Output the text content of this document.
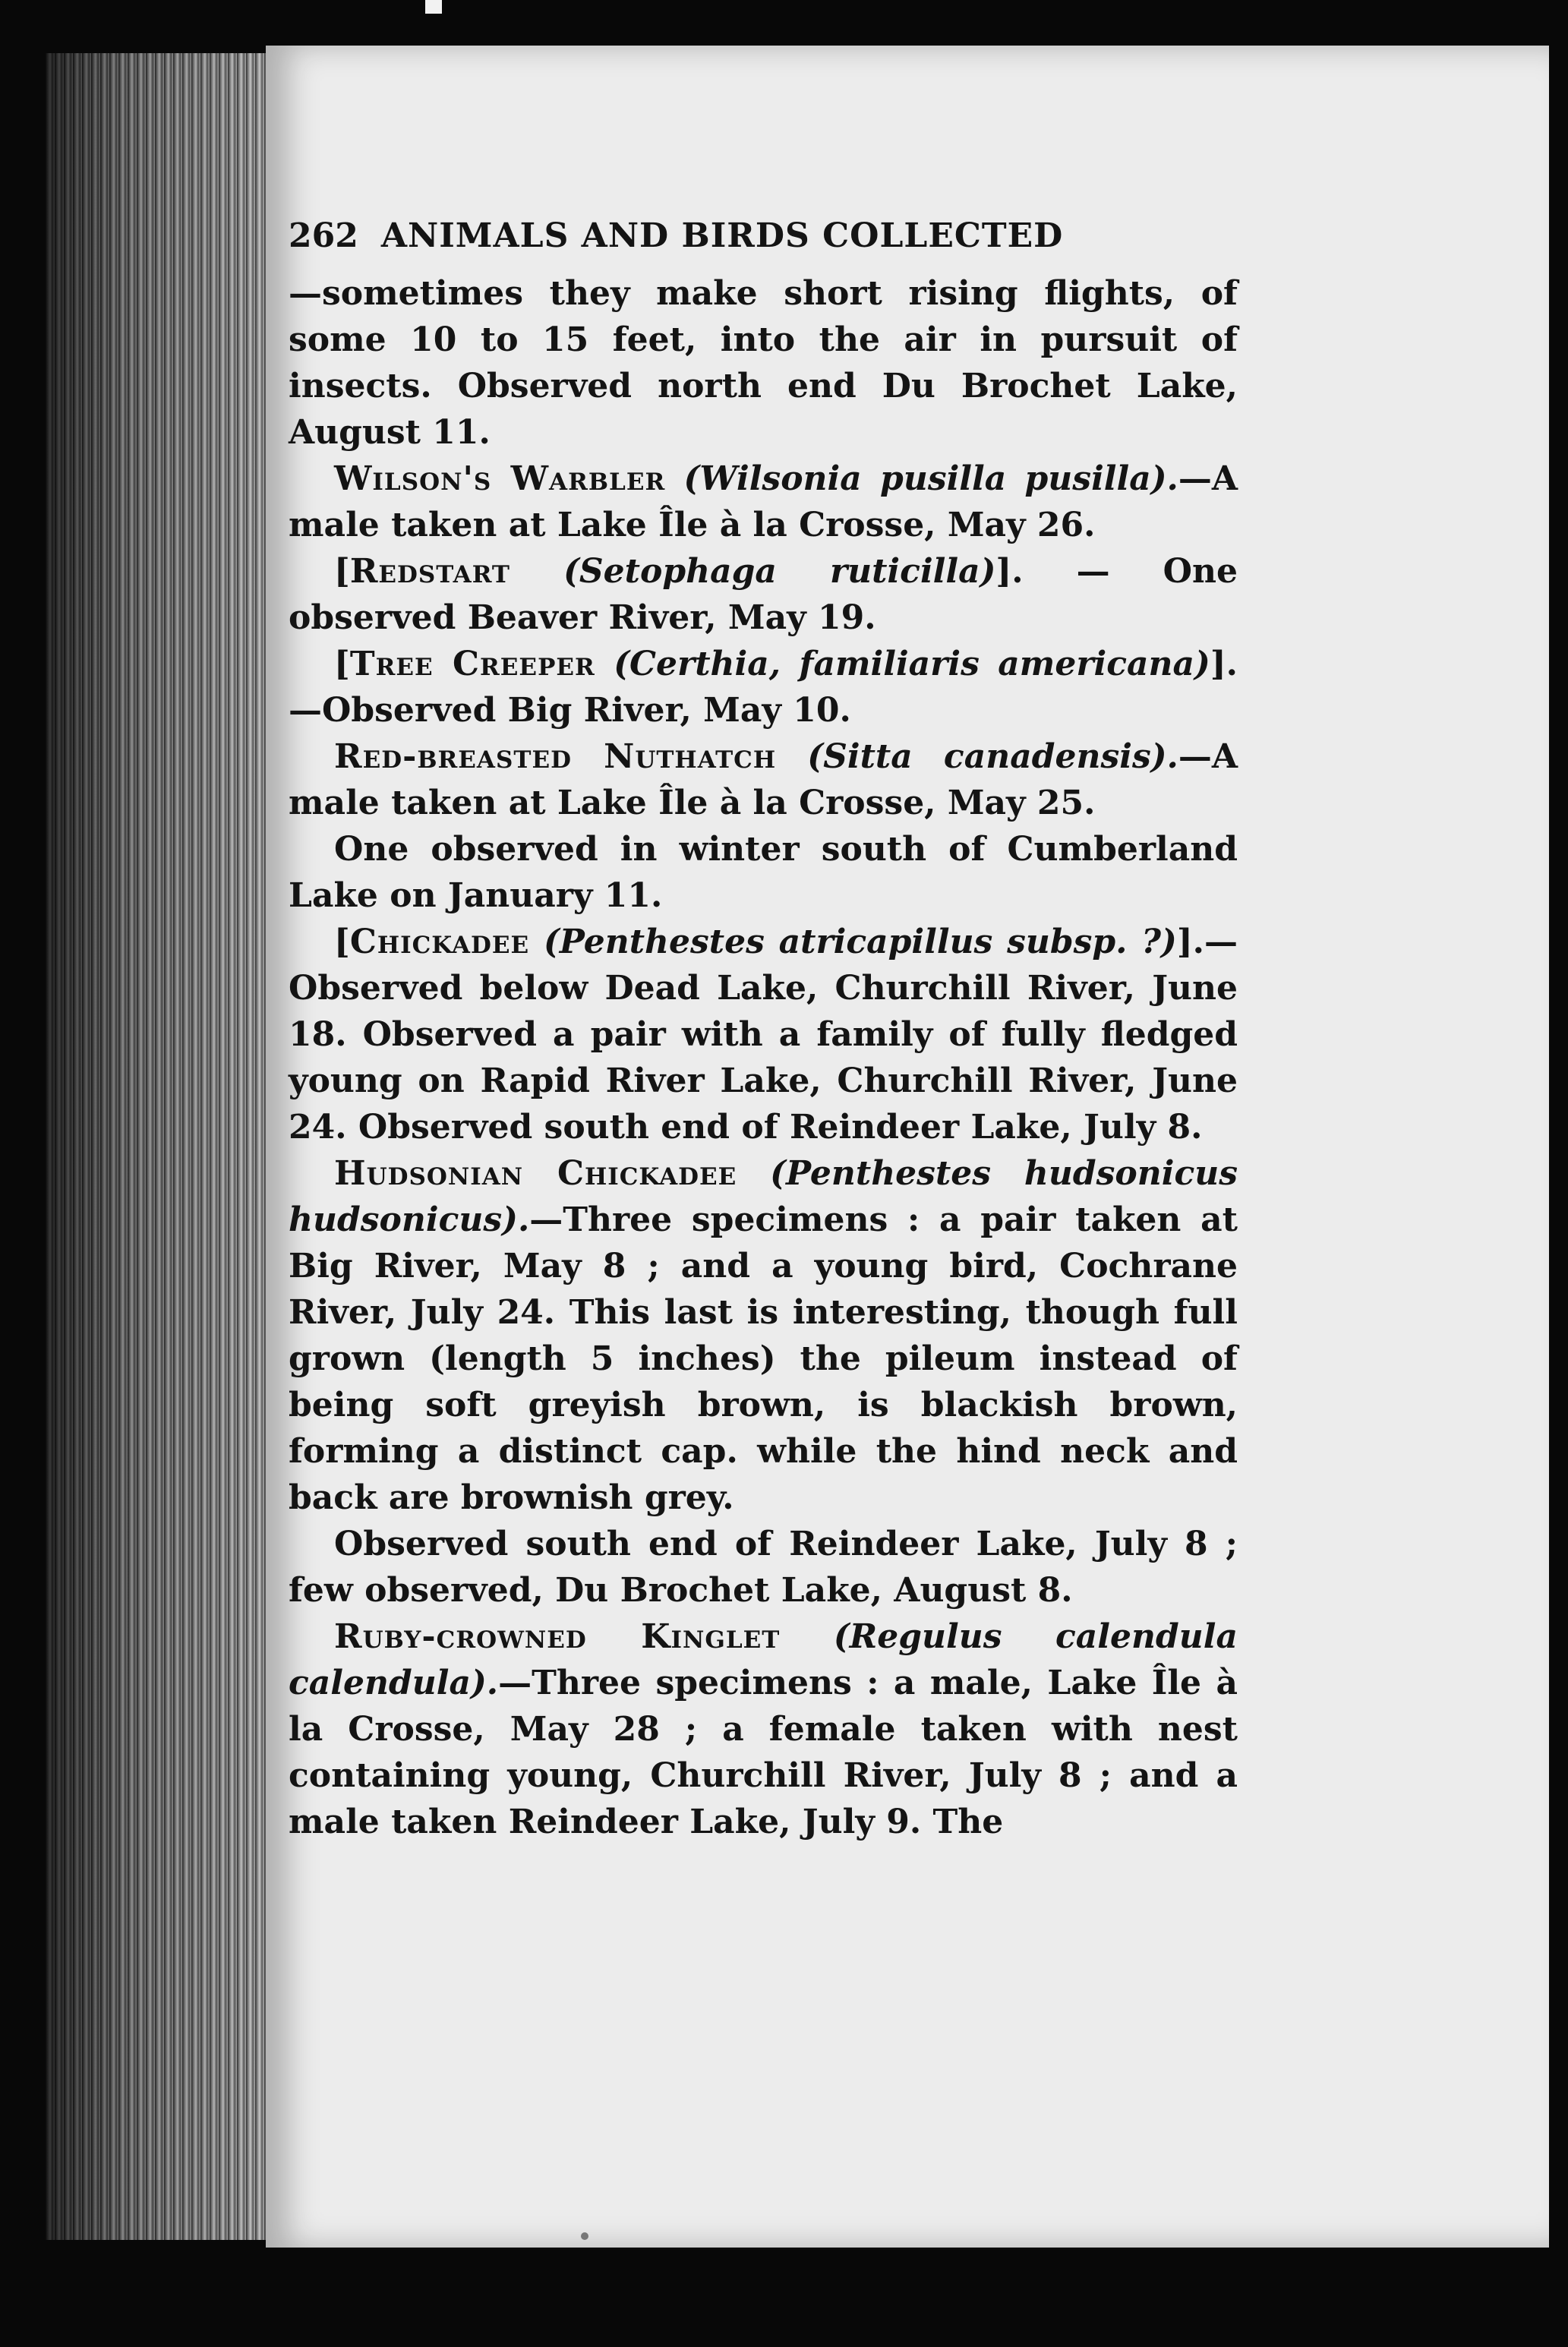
262 ANIMALS AND BIRDS COLLECTED

—sometimes they make short rising flights, of some 10 to 15 feet, into the air in pursuit of insects. Observed north end Du Brochet Lake, August 11.

Wilson's Warbler (Wilsonia pusilla pusilla).—A male taken at Lake Île à la Crosse, May 26.

[Redstart (Setophaga ruticilla)]. — One observed Beaver River, May 19.

[Tree Creeper (Certhia, familiaris americana)]. —Observed Big River, May 10.

Red-breasted Nuthatch (Sitta canadensis).—A male taken at Lake Île à la Crosse, May 25.

One observed in winter south of Cumberland Lake on January 11.

[Chickadee (Penthestes atricapillus subsp. ?)].— Observed below Dead Lake, Churchill River, June 18. Observed a pair with a family of fully fledged young on Rapid River Lake, Churchill River, June 24. Observed south end of Reindeer Lake, July 8.

Hudsonian Chickadee (Penthestes hudsonicus hudsonicus).—Three specimens : a pair taken at Big River, May 8 ; and a young bird, Cochrane River, July 24. This last is interesting, though full grown (length 5 inches) the pileum instead of being soft greyish brown, is blackish brown, forming a distinct cap. while the hind neck and back are brownish grey.

Observed south end of Reindeer Lake, July 8 ; few observed, Du Brochet Lake, August 8.

Ruby-crowned Kinglet (Regulus calendula calendula).—Three specimens : a male, Lake Île à la Crosse, May 28 ; a female taken with nest containing young, Churchill River, July 8 ; and a male taken Reindeer Lake, July 9. The
